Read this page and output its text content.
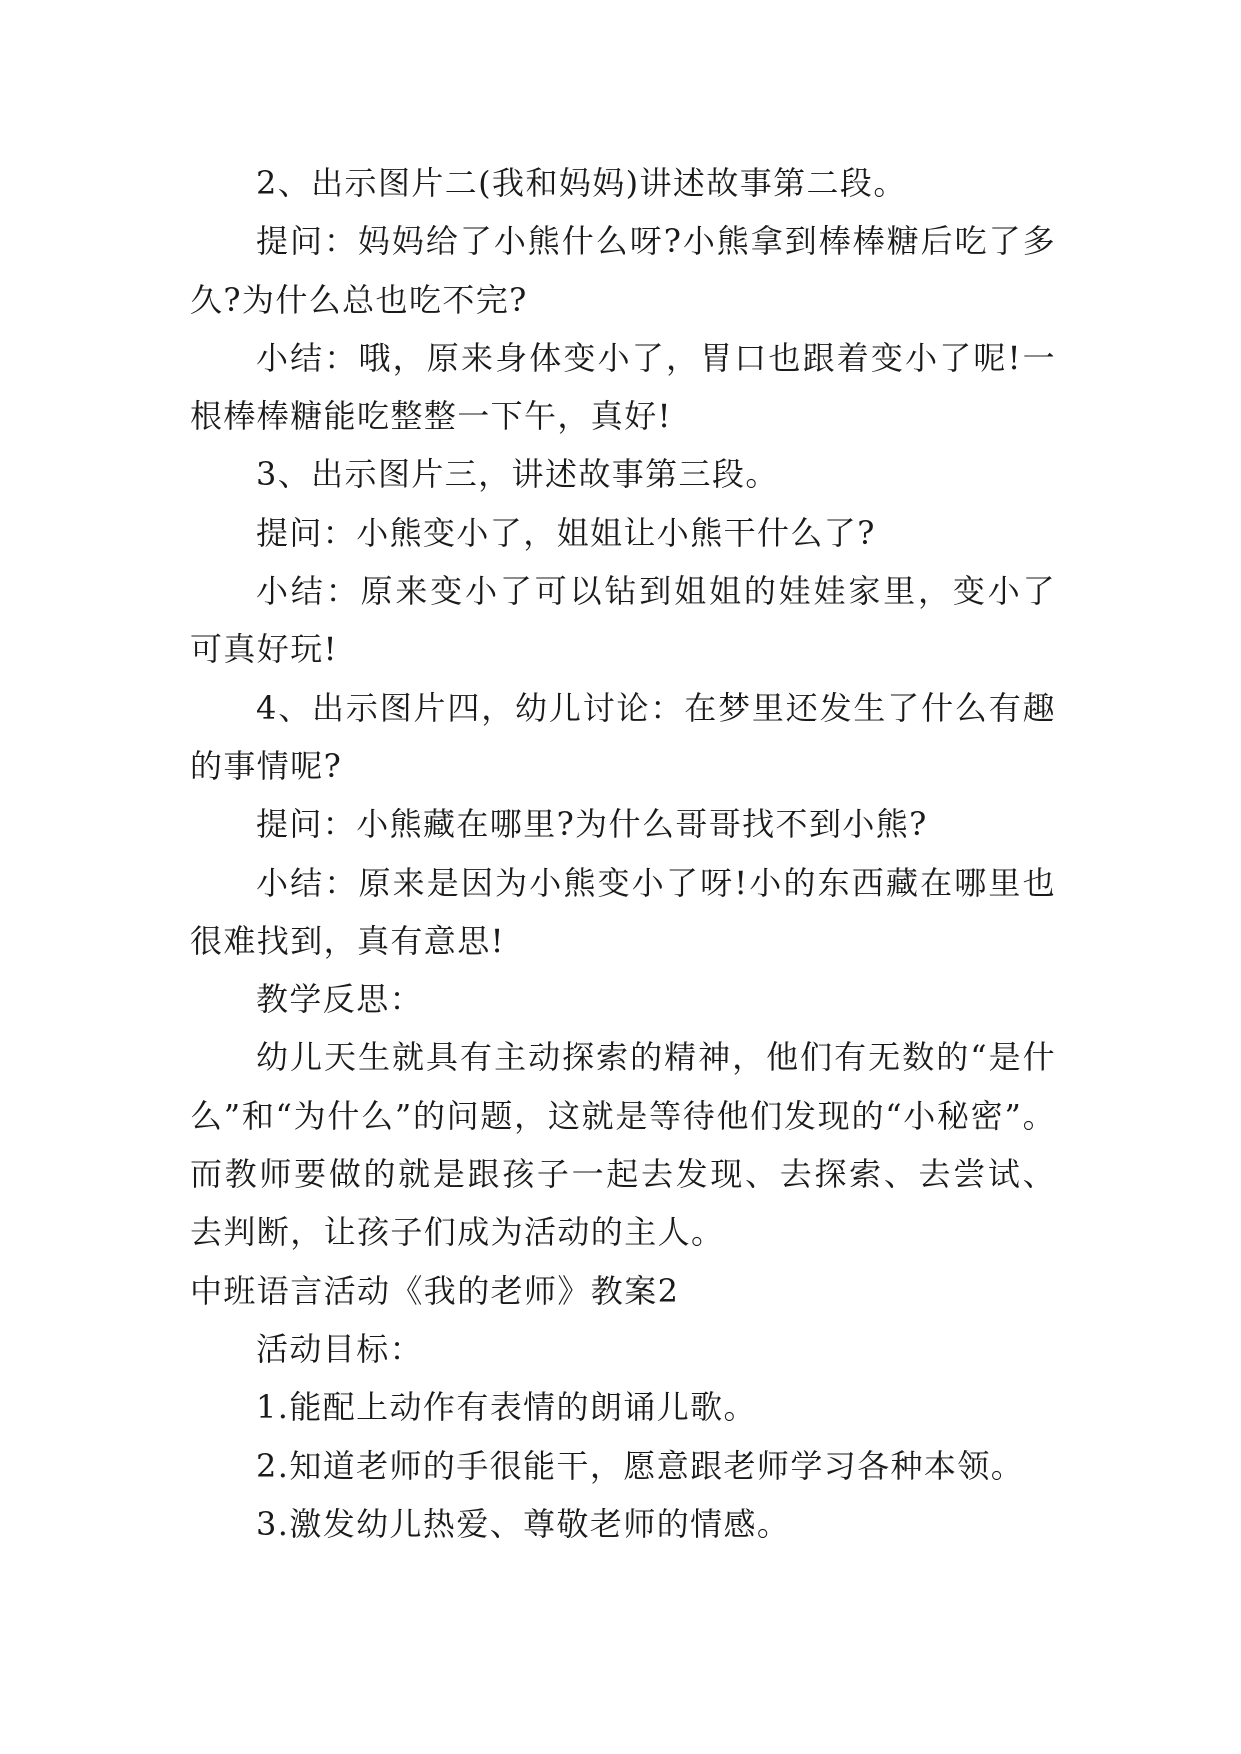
2、出示图片二(我和妈妈)讲述故事第二段。

提问：妈妈给了小熊什么呀?小熊拿到棒棒糖后吃了多久?为什么总也吃不完?

小结：哦，原来身体变小了，胃口也跟着变小了呢!一根棒棒糖能吃整整一下午，真好!

3、出示图片三，讲述故事第三段。

提问：小熊变小了，姐姐让小熊干什么了?

小结：原来变小了可以钻到姐姐的娃娃家里，变小了可真好玩!

4、出示图片四，幼儿讨论：在梦里还发生了什么有趣的事情呢?

提问：小熊藏在哪里?为什么哥哥找不到小熊?

小结：原来是因为小熊变小了呀!小的东西藏在哪里也很难找到，真有意思!

教学反思：

幼儿天生就具有主动探索的精神，他们有无数的“是什么”和“为什么”的问题，这就是等待他们发现的“小秘密”。而教师要做的就是跟孩子一起去发现、去探索、去尝试、去判断，让孩子们成为活动的主人。

中班语言活动《我的老师》教案2

活动目标：

1.能配上动作有表情的朗诵儿歌。

2.知道老师的手很能干，愿意跟老师学习各种本领。

3.激发幼儿热爱、尊敬老师的情感。
